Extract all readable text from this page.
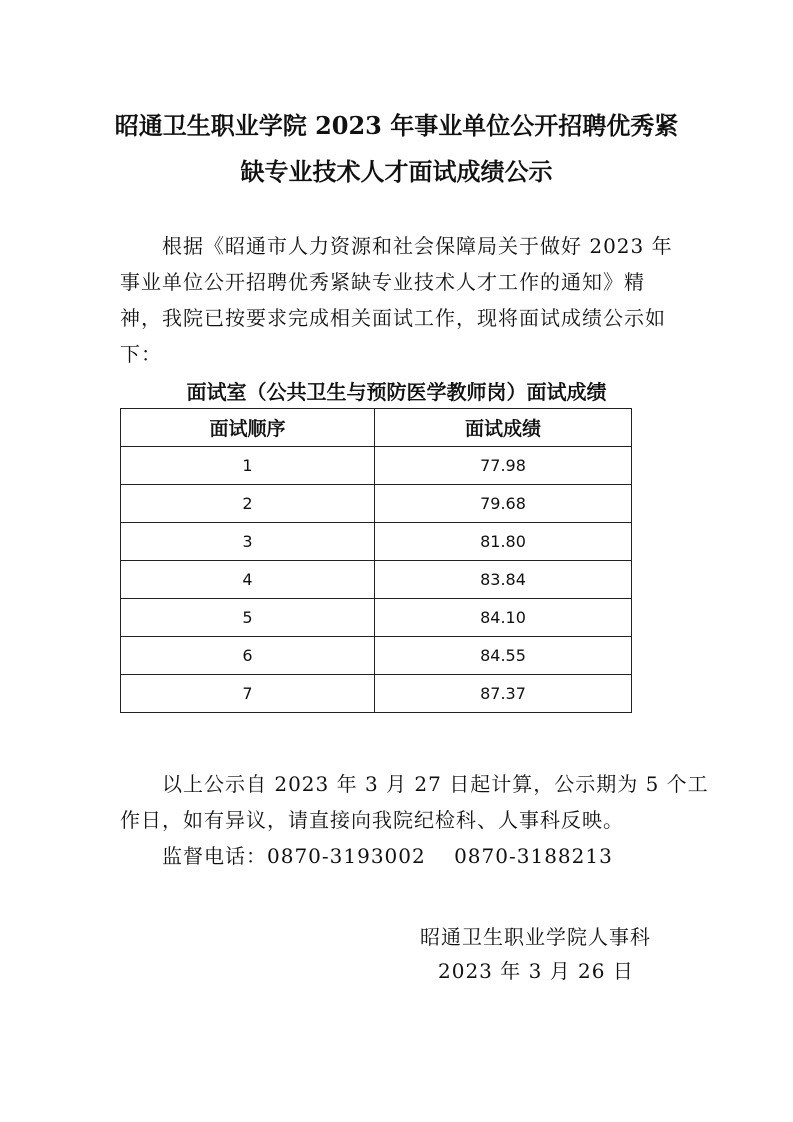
昭通卫生职业学院 2023 年事业单位公开招聘优秀紧
缺专业技术人才面试成绩公示
　　根据《昭通市人力资源和社会保障局关于做好 2023 年
事业单位公开招聘优秀紧缺专业技术人才工作的通知》精
神，我院已按要求完成相关面试工作，现将面试成绩公示如
下：
面试室（公共卫生与预防医学教师岗）面试成绩
面试顺序	面试成绩
1	77.98
2	79.68
3	81.80
4	83.84
5	84.10
6	84.55
7	87.37
　　以上公示自 2023 年 3 月 27 日起计算，公示期为 5 个工
作日，如有异议，请直接向我院纪检科、人事科反映。
　　监督电话：0870-3193002　 0870-3188213
昭通卫生职业学院人事科
2023 年 3 月 26 日
